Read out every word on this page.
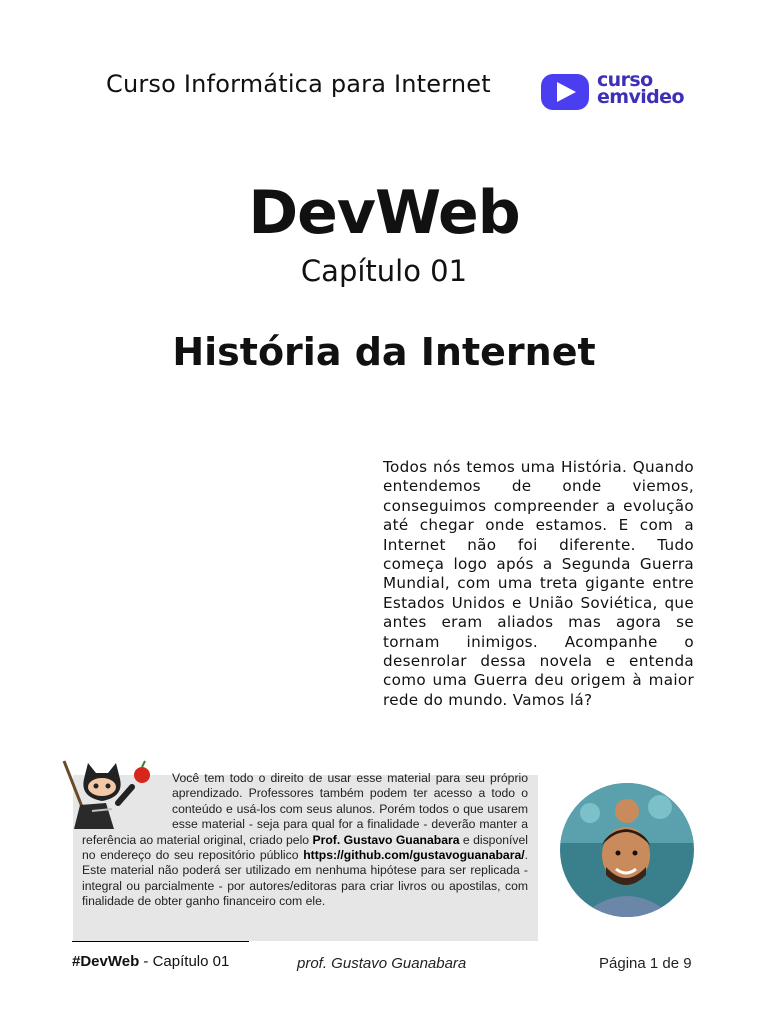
Curso Informática para Internet	curso
emvideo
DevWeb
Capítulo 01
História da Internet
Todos nós temos uma História. Quando entendemos de onde viemos, conseguimos compreender a evolução até chegar onde estamos. E com a Internet não foi diferente. Tudo começa logo após a Segunda Guerra Mundial, com uma treta gigante entre Estados Unidos e União Soviética, que antes eram aliados mas agora se tornam inimigos. Acompanhe o desenrolar dessa novela e entenda como uma Guerra deu origem à maior rede do mundo. Vamos lá?
Você tem todo o direito de usar esse material para seu próprio aprendizado. Professores também podem ter acesso a todo o conteúdo e usá-los com seus alunos. Porém todos o que usarem esse material - seja para qual for a finalidade - deverão manter a referência ao material original, criado pelo Prof. Gustavo Guanabara e disponível no endereço do seu repositório público https://github.com/gustavoguanabara/. Este material não poderá ser utilizado em nenhuma hipótese para ser replicada - integral ou parcialmente - por autores/editoras para criar livros ou apostilas, com finalidade de obter ganho financeiro com ele.
#DevWeb - Capítulo 01	prof. Gustavo Guanabara	Página 1 de 9
